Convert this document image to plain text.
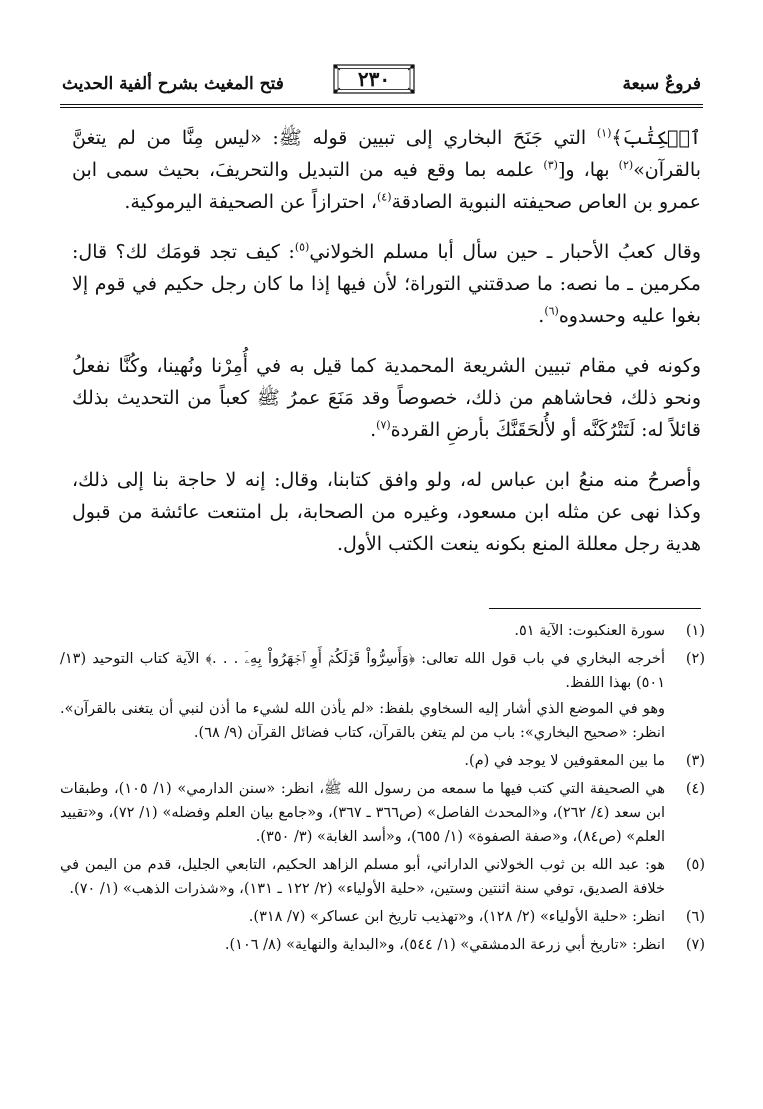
فروعٌ سبعة
٢٣٠
فتح المغيث بشرح ألفية الحديث

ٱلۡكِتَٰبَ﴾$^{(١)}$ التي جَنَحَ البخاري إلى تبيين قوله ﷺ: «ليس مِنَّا من لم يتغنَّ بالقرآن»$^{(٢)}$ بها، و[$^{(٣)}$ علمه بما وقع فيه من التبديل والتحريفَ، بحيث سمى ابن عمرو بن العاص صحيفته النبوية الصادقة$^{(٤)}$، احترازاً عن الصحيفة اليرموكية.

وقال كعبُ الأحبار ـ حين سأل أبا مسلم الخولاني$^{(٥)}$: كيف تجد قومَك لك؟ قال: مكرمين ـ ما نصه: ما صدقتني التوراة؛ لأن فيها إذا ما كان رجل حكيم في قوم إلا بغوا عليه وحسدوه$^{(٦)}$.

وكونه في مقام تبيين الشريعة المحمدية كما قيل به في أُمِرْنا ونُهينا، وكُنَّا نفعلُ ونحو ذلك، فحاشاهم من ذلك، خصوصاً وقد مَنَعَ عمرُ ﷺ كعباً من التحديث بذلك قائلاً له: لَتَتْرُكَنَّه أو لأُلحَقَنَّكَ بأرضِ القردة$^{(٧)}$.

وأصرحُ منه منعُ ابن عباس له، ولو وافق كتابنا، وقال: إنه لا حاجة بنا إلى ذلك، وكذا نهى عن مثله ابن مسعود، وغيره من الصحابة، بل امتنعت عائشة من قبول هدية رجل معللة المنع بكونه ينعت الكتب الأول.

(١)

سورة العنكبوت: الآية ٥١.

(٢)

أخرجه البخاري في باب قول الله تعالى: ﴿وَأَسِرُّواْ قَوۡلَكُمۡ أَوِ ٱجۡهَرُواْ بِهِۦٓ . . .﴾ الآية كتاب التوحيد (١٣/ ٥٠١) بهذا اللفظ.

وهو في الموضع الذي أشار إليه السخاوي بلفظ: «لم يأذن الله لشيء ما أذن لنبي أن يتغنى بالقرآن». انظر: «صحيح البخاري»: باب من لم يتغن بالقرآن، كتاب فضائل القرآن (٩/ ٦٨).

(٣)

ما بين المعقوفين لا يوجد في (م).

(٤)

هي الصحيفة التي كتب فيها ما سمعه من رسول الله ﷺ، انظر: «سنن الدارمي» (١/ ١٠٥)، وطبقات ابن سعد (٤/ ٢٦٢)، و«المحدث الفاصل» (ص٣٦٦ ـ ٣٦٧)، و«جامع بيان العلم وفضله» (١/ ٧٢)، و«تقييد العلم» (ص٨٤)، و«صفة الصفوة» (١/ ٦٥٥)، و«أسد الغابة» (٣/ ٣٥٠).

(٥)

هو: عبد الله بن ثوب الخولاني الداراني، أبو مسلم الزاهد الحكيم، التابعي الجليل، قدم من اليمن في خلافة الصديق، توفي سنة اثنتين وستين، «حلية الأولياء» (٢/ ١٢٢ ـ ١٣١)، و«شذرات الذهب» (١/ ٧٠).

(٦)

انظر: «حلية الأولياء» (٢/ ١٢٨)، و«تهذيب تاريخ ابن عساكر» (٧/ ٣١٨).

(٧)

انظر: «تاريخ أبي زرعة الدمشقي» (١/ ٥٤٤)، و«البداية والنهاية» (٨/ ١٠٦).
